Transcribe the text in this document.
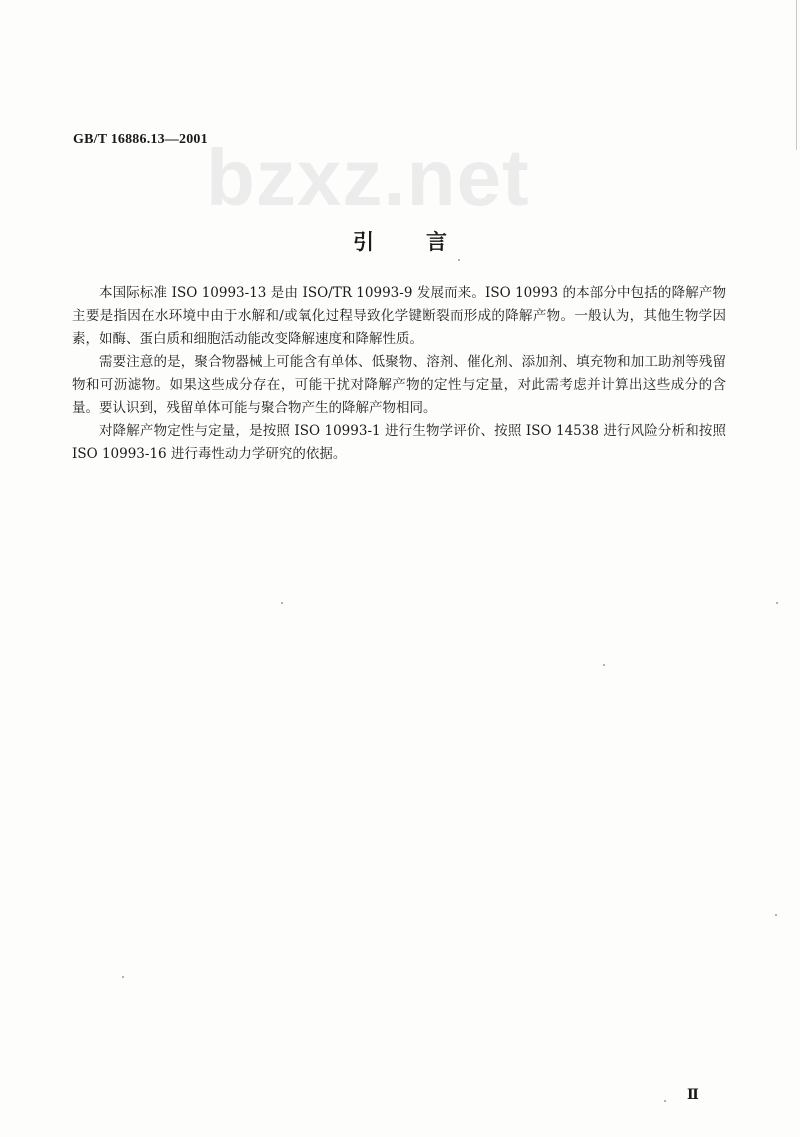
GB/T 16886.13—2001
bzxz.net
引言

本国际标准 ISO 10993-13 是由 ISO/TR 10993-9 发展而来。ISO 10993 的本部分中包括的降解产物主要是指因在水环境中由于水解和/或氧化过程导致化学键断裂而形成的降解产物。一般认为，其他生物学因素，如酶、蛋白质和细胞活动能改变降解速度和降解性质。

需要注意的是，聚合物器械上可能含有单体、低聚物、溶剂、催化剂、添加剂、填充物和加工助剂等残留物和可沥滤物。如果这些成分存在，可能干扰对降解产物的定性与定量，对此需考虑并计算出这些成分的含量。要认识到，残留单体可能与聚合物产生的降解产物相同。

对降解产物定性与定量，是按照 ISO 10993-1 进行生物学评价、按照 ISO 14538 进行风险分析和按照 ISO 10993-16 进行毒性动力学研究的依据。

Ⅱ
